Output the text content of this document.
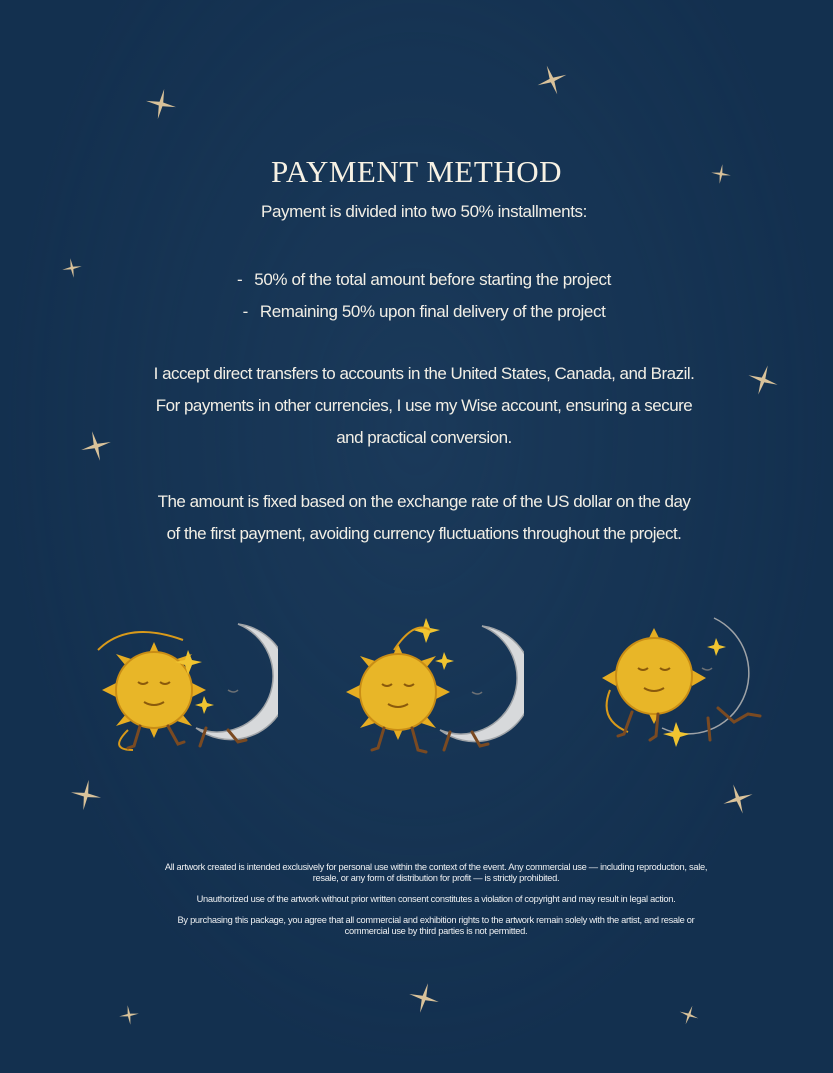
PAYMENT METHOD
Payment is divided into two 50% installments:
- 50% of the total amount before starting the project
- Remaining 50% upon final delivery of the project
I accept direct transfers to accounts in the United States, Canada, and Brazil. For payments in other currencies, I use my Wise account, ensuring a secure and practical conversion.
The amount is fixed based on the exchange rate of the US dollar on the day of the first payment, avoiding currency fluctuations throughout the project.

All artwork created is intended exclusively for personal use within the context of the event. Any commercial use — including reproduction, sale, resale, or any form of distribution for profit — is strictly prohibited.

Unauthorized use of the artwork without prior written consent constitutes a violation of copyright and may result in legal action.

By purchasing this package, you agree that all commercial and exhibition rights to the artwork remain solely with the artist, and resale or commercial use by third parties is not permitted.
